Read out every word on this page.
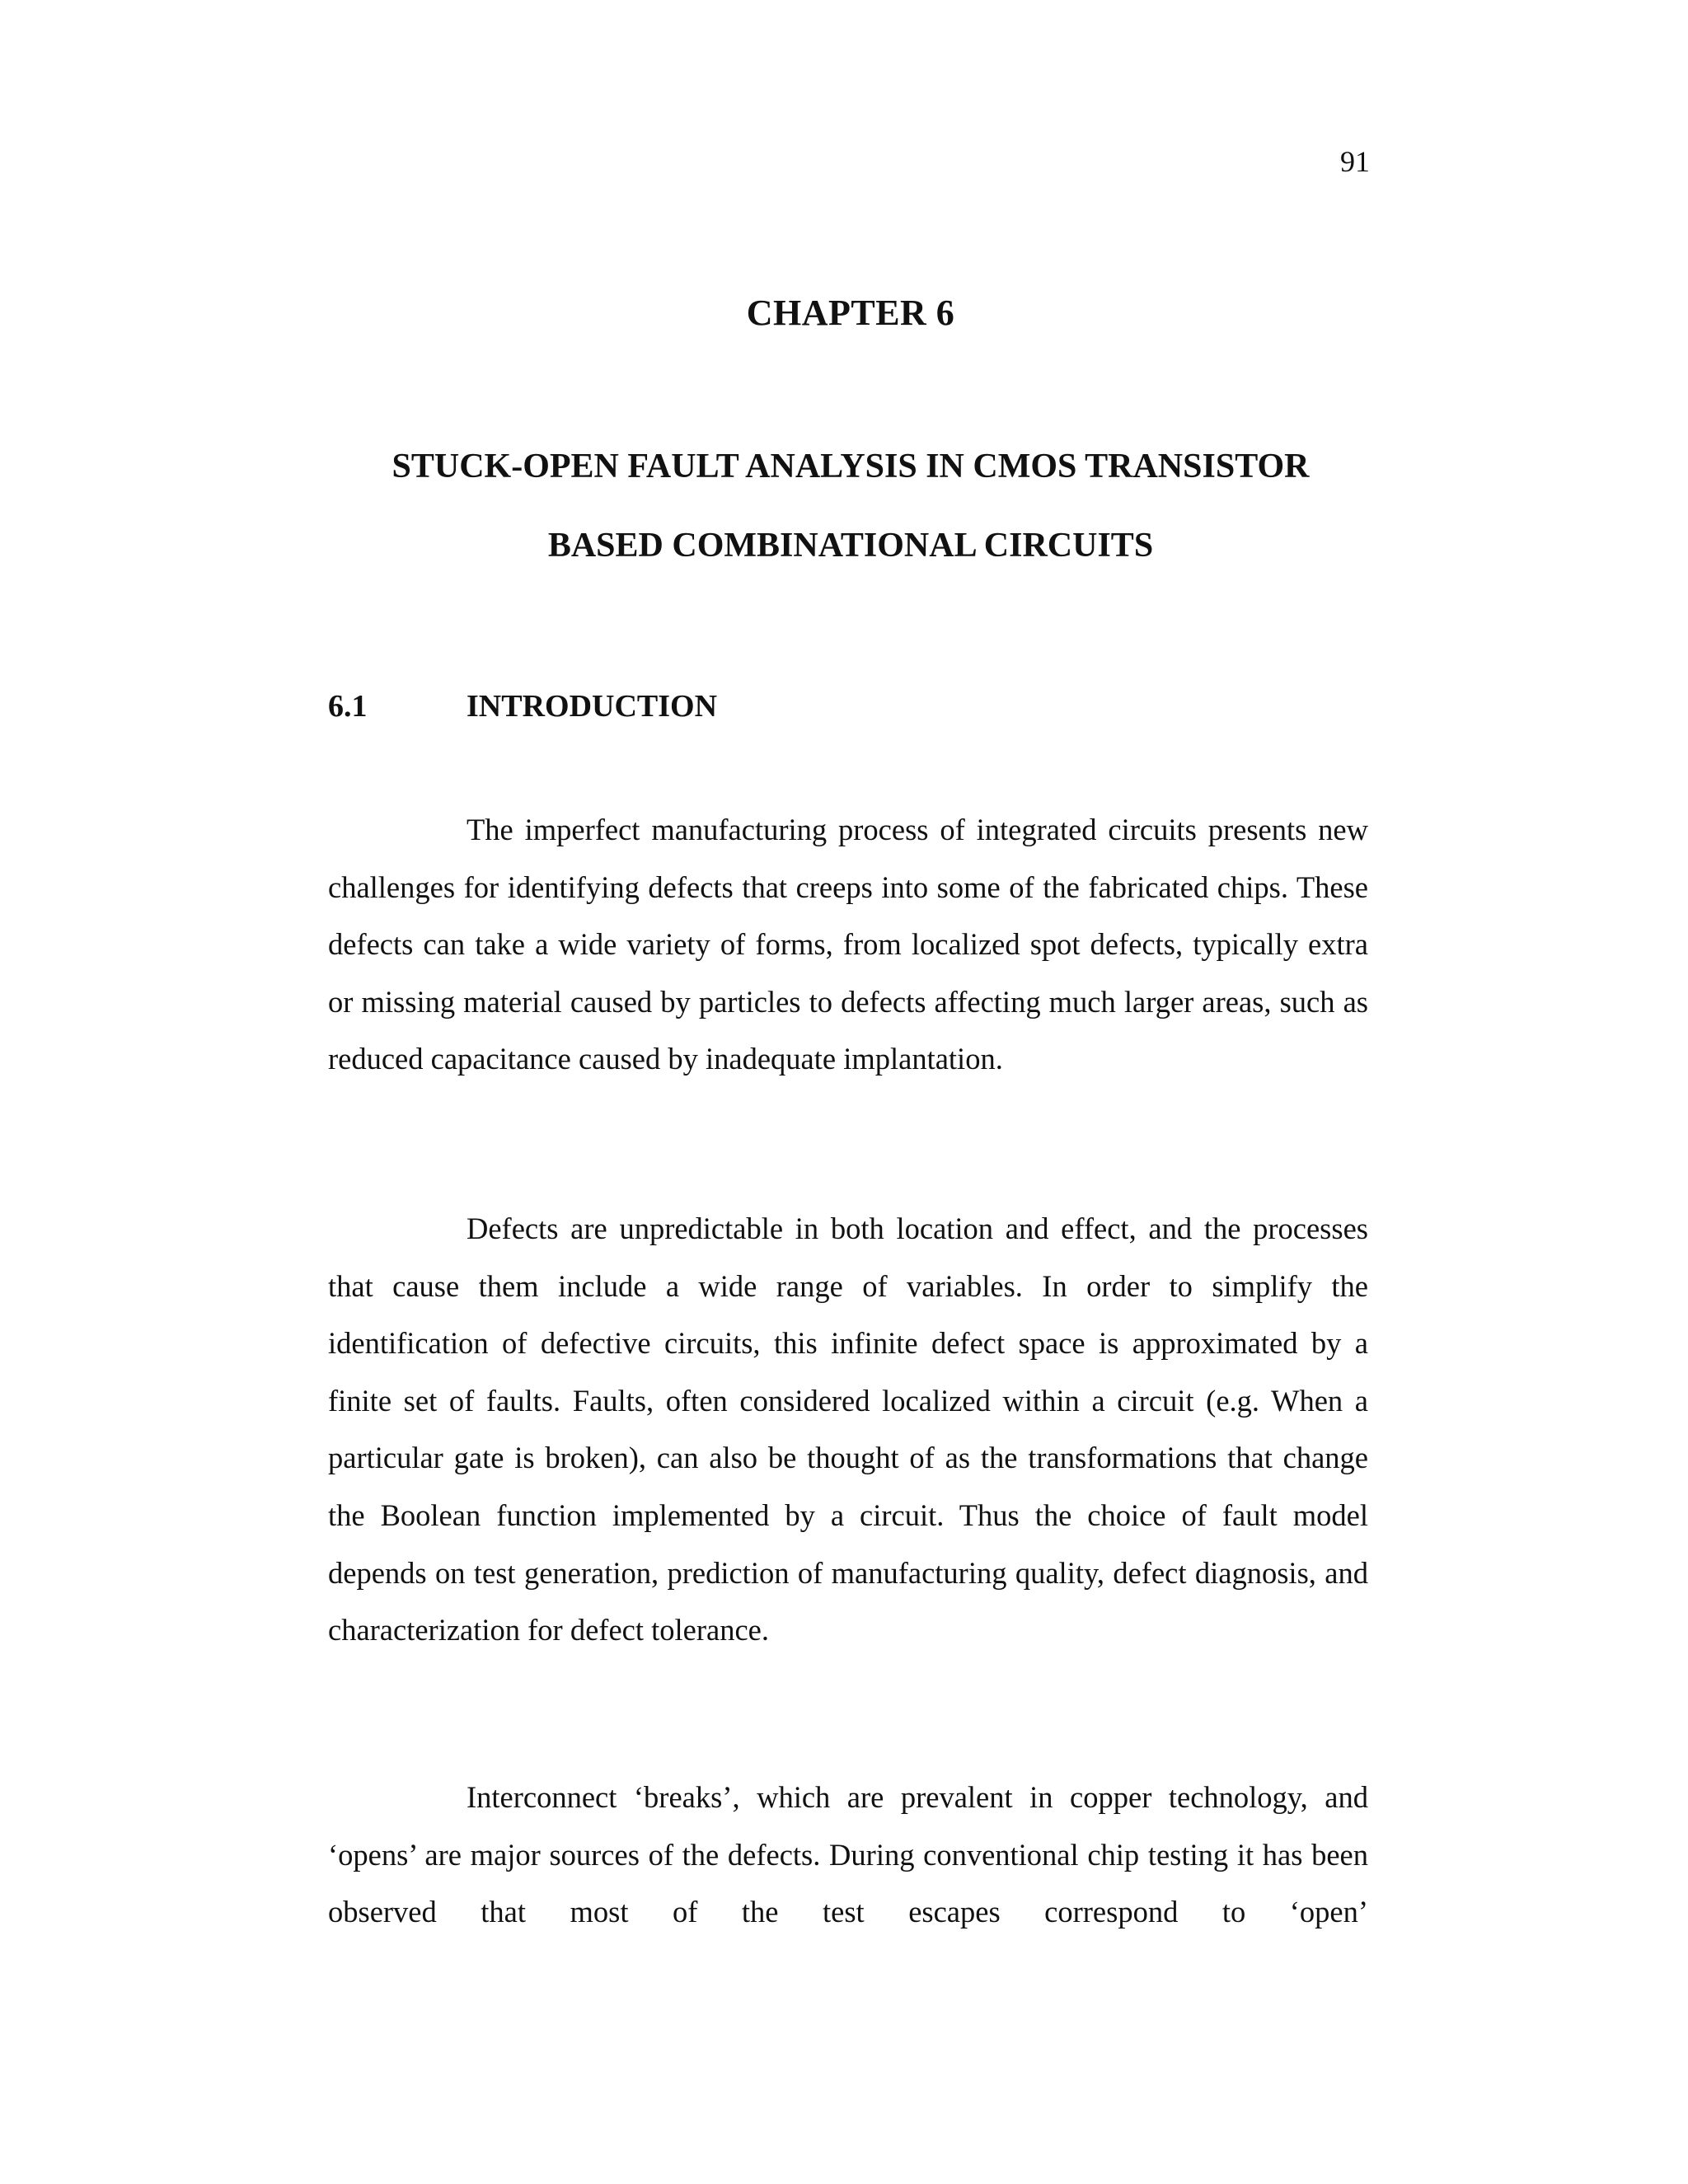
91
CHAPTER 6
STUCK-OPEN FAULT ANALYSIS IN CMOS TRANSISTOR
BASED COMBINATIONAL CIRCUITS
6.1	INTRODUCTION

The imperfect manufacturing process of integrated circuits presents new challenges for identifying defects that creeps into some of the fabricated chips. These defects can take a wide variety of forms, from localized spot defects, typically extra or missing material caused by particles to defects affecting much larger areas, such as reduced capacitance caused by inadequate implantation.

Defects are unpredictable in both location and effect, and the processes that cause them include a wide range of variables. In order to simplify the identification of defective circuits, this infinite defect space is approximated by a finite set of faults. Faults, often considered localized within a circuit (e.g. When a particular gate is broken), can also be thought of as the transformations that change the Boolean function implemented by a circuit. Thus the choice of fault model depends on test generation, prediction of manufacturing quality, defect diagnosis, and characterization for defect tolerance.

Interconnect ‘breaks’, which are prevalent in copper technology, and ‘opens’ are major sources of the defects. During conventional chip testing it has been observed that most of the test escapes correspond to ‘open’
